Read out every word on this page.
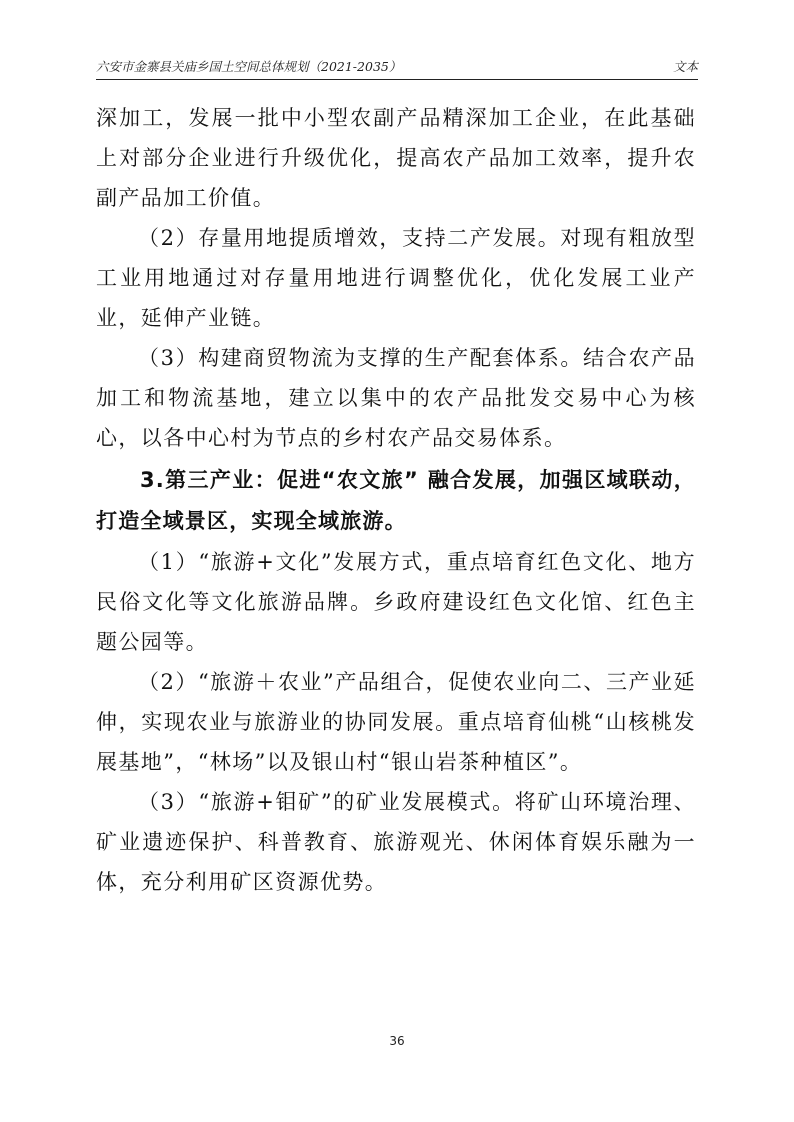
六安市金寨县关庙乡国土空间总体规划（2021-2035）	文本

深加工，发展一批中小型农副产品精深加工企业，在此基础上对部分企业进行升级优化，提高农产品加工效率，提升农副产品加工价值。

（2）存量用地提质增效，支持二产发展。对现有粗放型工业用地通过对存量用地进行调整优化，优化发展工业产业，延伸产业链。

（3）构建商贸物流为支撑的生产配套体系。结合农产品加工和物流基地，建立以集中的农产品批发交易中心为核心，以各中心村为节点的乡村农产品交易体系。

3.第三产业：促进“农文旅” 融合发展，加强区域联动，打造全域景区，实现全域旅游。

（1）“旅游+文化”发展方式，重点培育红色文化、地方民俗文化等文化旅游品牌。乡政府建设红色文化馆、红色主题公园等。

（2）“旅游＋农业”产品组合，促使农业向二、三产业延伸，实现农业与旅游业的协同发展。重点培育仙桃“山核桃发展基地”，“林场”以及银山村“银山岩茶种植区”。

（3）“旅游+钼矿”的矿业发展模式。将矿山环境治理、矿业遗迹保护、科普教育、旅游观光、休闲体育娱乐融为一体，充分利用矿区资源优势。

36
